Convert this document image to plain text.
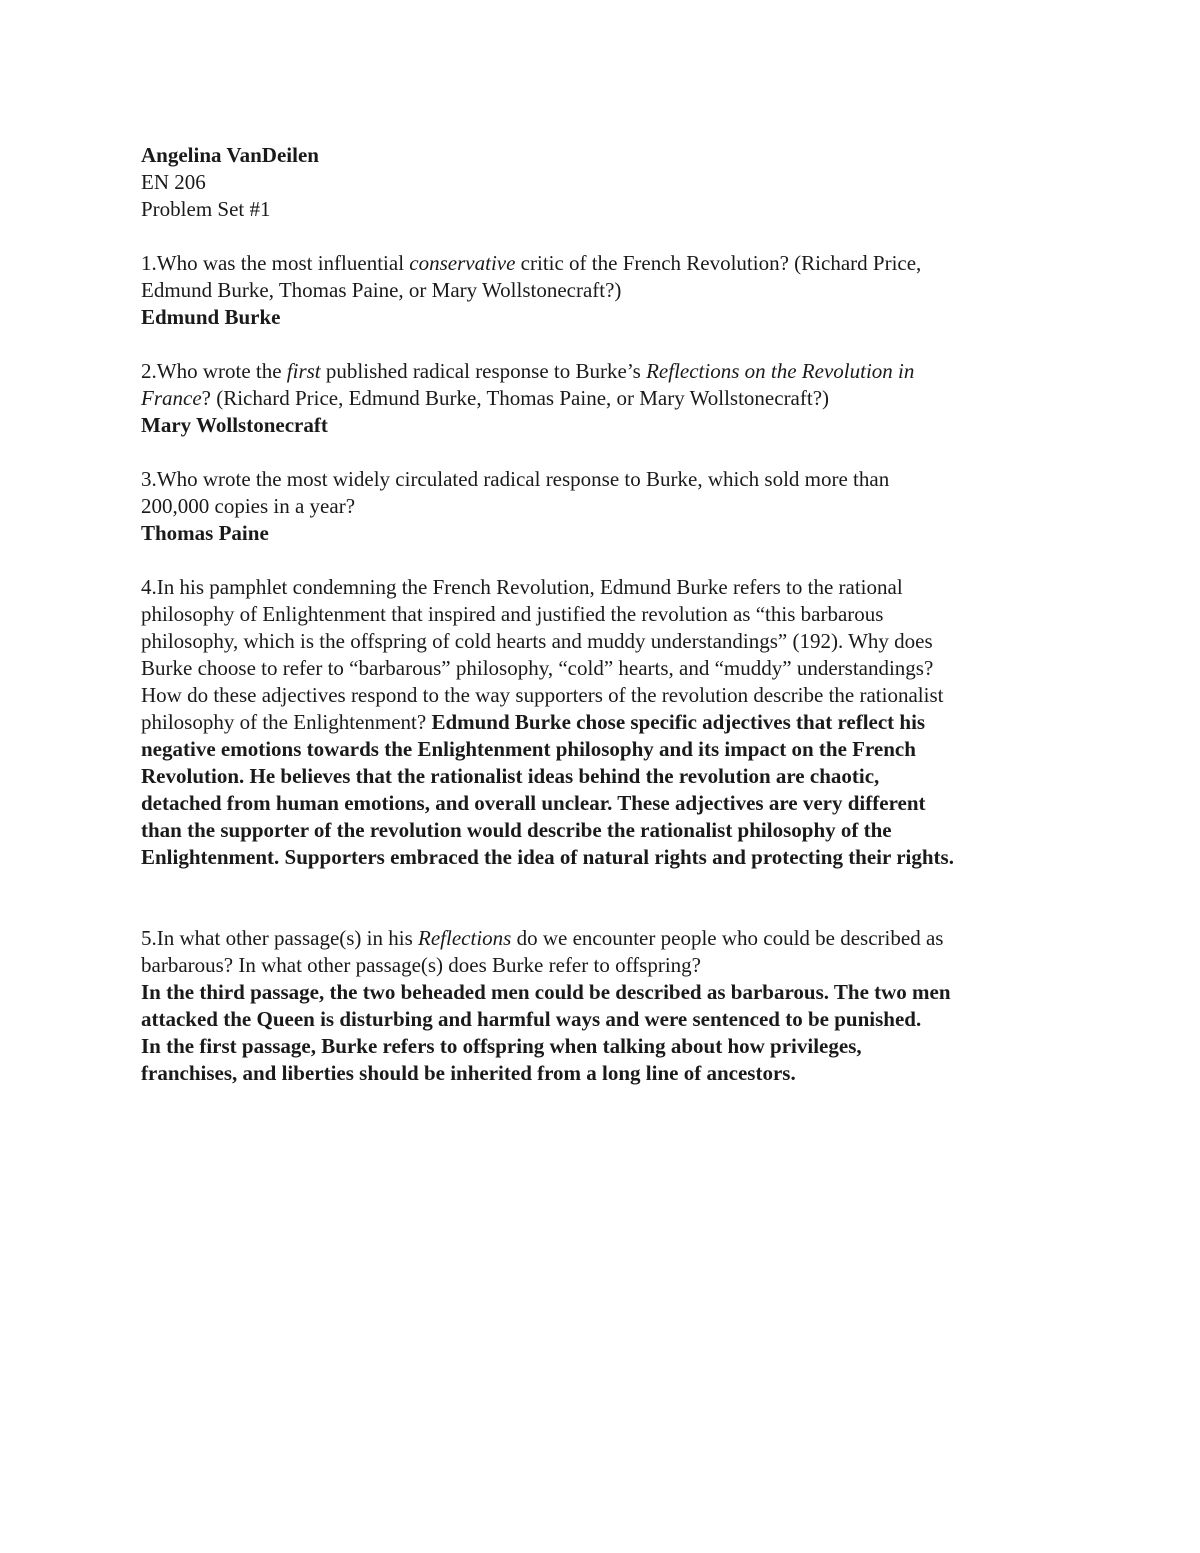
Angelina VanDeilen
EN 206
Problem Set #1
1.Who was the most influential conservative critic of the French Revolution? (Richard Price,
Edmund Burke, Thomas Paine, or Mary Wollstonecraft?)
Edmund Burke
2.Who wrote the first published radical response to Burke’s Reflections on the Revolution in
France? (Richard Price, Edmund Burke, Thomas Paine, or Mary Wollstonecraft?)
Mary Wollstonecraft
3.Who wrote the most widely circulated radical response to Burke, which sold more than
200,000 copies in a year?
Thomas Paine
4.In his pamphlet condemning the French Revolution, Edmund Burke refers to the rational
philosophy of Enlightenment that inspired and justified the revolution as “this barbarous
philosophy, which is the offspring of cold hearts and muddy understandings” (192). Why does
Burke choose to refer to “barbarous” philosophy, “cold” hearts, and “muddy” understandings?
How do these adjectives respond to the way supporters of the revolution describe the rationalist
philosophy of the Enlightenment? Edmund Burke chose specific adjectives that reflect his
negative emotions towards the Enlightenment philosophy and its impact on the French
Revolution. He believes that the rationalist ideas behind the revolution are chaotic,
detached from human emotions, and overall unclear. These adjectives are very different
than the supporter of the revolution would describe the rationalist philosophy of the
Enlightenment. Supporters embraced the idea of natural rights and protecting their rights.
5.In what other passage(s) in his Reflections do we encounter people who could be described as
barbarous? In what other passage(s) does Burke refer to offspring?
In the third passage, the two beheaded men could be described as barbarous. The two men
attacked the Queen is disturbing and harmful ways and were sentenced to be punished.
In the first passage, Burke refers to offspring when talking about how privileges,
franchises, and liberties should be inherited from a long line of ancestors.
